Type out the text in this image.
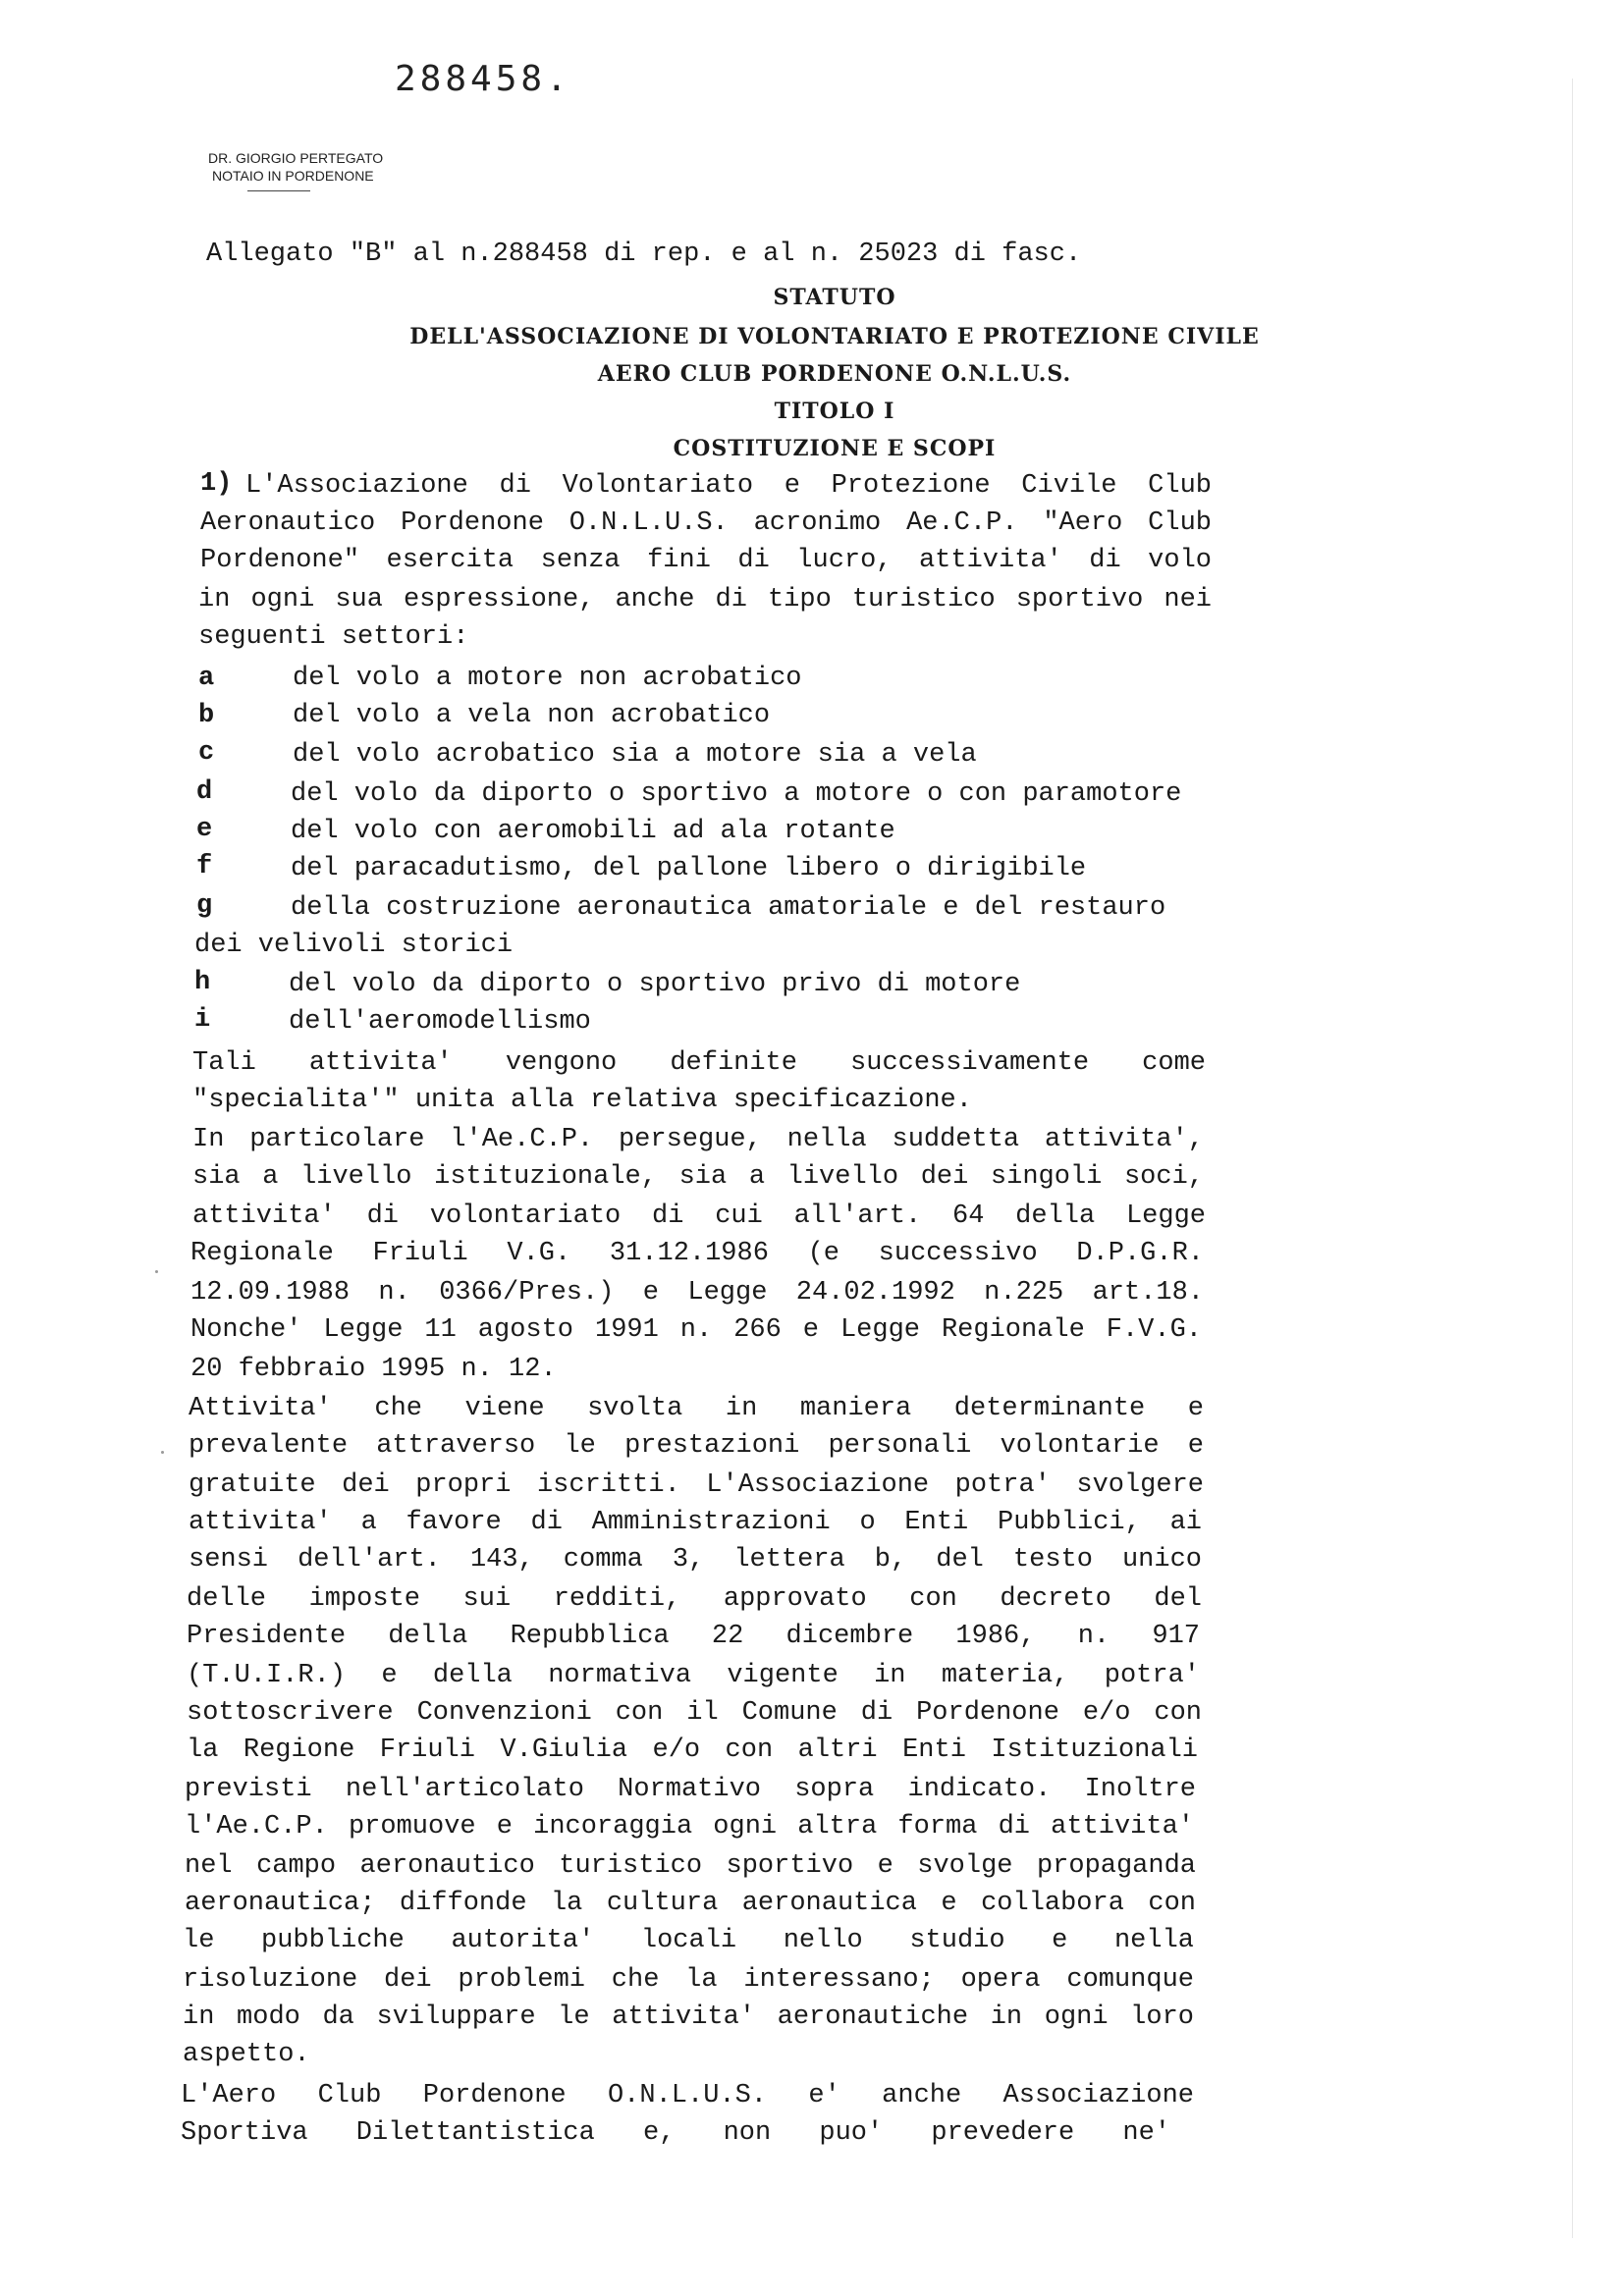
288458.
DR. GIORGIO PERTEGATO
NOTAIO IN PORDENONE
Allegato "B" al n.288458 di rep. e al n. 25023 di fasc.
STATUTO
DELL'ASSOCIAZIONE DI VOLONTARIATO E PROTEZIONE CIVILE
AERO CLUB PORDENONE O.N.L.U.S.
TITOLO I
COSTITUZIONE E SCOPI
1) L'Associazione di Volontariato e Protezione Civile Club
Aeronautico Pordenone O.N.L.U.S. acronimo Ae.C.P. "Aero Club
Pordenone" esercita senza fini di lucro, attivita' di volo
in ogni sua espressione, anche di tipo turistico sportivo nei
seguenti settori:
a	del volo a motore non acrobatico
b	del volo a vela non acrobatico
c	del volo acrobatico sia a motore sia a vela
d	del volo da diporto o sportivo a motore o con paramotore
e	del volo con aeromobili ad ala rotante
f	del paracadutismo, del pallone libero o dirigibile
g	della costruzione aeronautica amatoriale e del restauro
dei velivoli storici
h	del volo da diporto o sportivo privo di motore
i	dell'aeromodellismo
Tali attivita' vengono definite successivamente come
"specialita'" unita alla relativa specificazione.
In particolare l'Ae.C.P. persegue, nella suddetta attivita',
sia a livello istituzionale, sia a livello dei singoli soci,
attivita' di volontariato di cui all'art. 64 della Legge
Regionale Friuli V.G. 31.12.1986 (e successivo D.P.G.R.
12.09.1988 n. 0366/Pres.) e Legge 24.02.1992 n.225 art.18.
Nonche' Legge 11 agosto 1991 n. 266 e Legge Regionale F.V.G.
20 febbraio 1995 n. 12.
Attivita' che viene svolta in maniera determinante e
prevalente attraverso le prestazioni personali volontarie e
gratuite dei propri iscritti. L'Associazione potra' svolgere
attivita' a favore di Amministrazioni o Enti Pubblici, ai
sensi dell'art. 143, comma 3, lettera b, del testo unico
delle imposte sui redditi, approvato con decreto del
Presidente della Repubblica 22 dicembre 1986, n. 917
(T.U.I.R.) e della normativa vigente in materia, potra'
sottoscrivere Convenzioni con il Comune di Pordenone e/o con
la Regione Friuli V.Giulia e/o con altri Enti Istituzionali
previsti nell'articolato Normativo sopra indicato. Inoltre
l'Ae.C.P. promuove e incoraggia ogni altra forma di attivita'
nel campo aeronautico turistico sportivo e svolge propaganda
aeronautica; diffonde la cultura aeronautica e collabora con
le pubbliche autorita' locali nello studio e nella
risoluzione dei problemi che la interessano; opera comunque
in modo da sviluppare le attivita' aeronautiche in ogni loro
aspetto.
L'Aero Club Pordenone O.N.L.U.S. e' anche Associazione
Sportiva Dilettantistica e, non puo' prevedere ne'
